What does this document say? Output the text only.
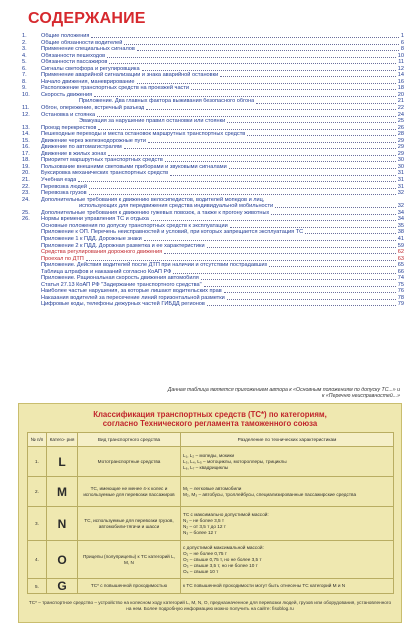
СОДЕРЖАНИЕ
1.	Общие положения	1
2.	Общие обязанности водителей	6
3.	Применение специальных сигналов	8
4.	Обязанности пешеходов	10
5.	Обязанности пассажиров	11
6.	Сигналы светофора и регулировщика	12
7.	Применение аварийной сигнализации и знака аварийной остановки	14
8.	Начало движения, маневрирование	16
9.	Расположение транспортных средств на проезжей части	18
10.	Скорость движения	20
Приложение. Два главных фактора выживания безопасного обгона	21
11.	Обгон, опережение, встречный разъезд	22
12.	Остановка и стоянка	24
Эвакуация за нарушение правил остановки или стоянки	25
13.	Проезд перекрестков	26
14.	Пешеходные переходы и места остановок маршрутных транспортных средств	28
15.	Движение через железнодорожные пути	29
16.	Движение по автомагистралям	29
17.	Движение в жилых зонах	29
18.	Приоритет маршрутных транспортных средств	30
19.	Пользование внешними световыми приборами и звуковыми сигналами	30
20.	Буксировка механических транспортных средств	31
21.	Учебная езда	31
22.	Перевозка людей	31
23.	Перевозка грузов	32
24.	Дополнительные требования к движению велосипедистов, водителей мопедов и лиц,
использующих для передвижения средства индивидуальной мобильности	32
25.	Дополнительные требования к движению гужевых повозок, а также к прогону животных	34
26.	Нормы времени управления ТС и отдыха	34
Основные положения по допуску транспортных средств к эксплуатации	35
Приложение к ОП. Перечень неисправностей и условий, при которых запрещается эксплуатация ТС	38
Приложение 1 к ПДД. Дорожные знаки	41
Приложение 2 к ПДД. Дорожная разметка и ее характеристики	59
Средства регулирования дорожного движения	62
Проехал по ДТП	63
Приложение. Действия водителей после ДТП при наличии и отсутствии пострадавших	65
Таблица штрафов и наказаний согласно КоАП РФ	66
Приложение. Рациональная скорость движения автомобиля	74
Статья 27.13 КоАП РФ "Задержание транспортного средства"	75
Наиболее частые нарушения, за которые лишают водительских прав	76
Наказания водителей за пересечение линий горизонтальной разметки	78
Цифровые коды, телефоны дежурных частей ГИБДД регионов	79
Данная таблица является приложением автора к «Основным положениям по допуску ТС...» и к «Перечню неисправностей...»
Классификация транспортных средств (ТС*) по категориям,
согласно Технического регламента таможенного союза
№ п/п	Катего- рия	Вид транспортного средства	Разделение по технических характеристикам
1.	L	Мототранспортные средства	L₁, L₂ – мопеды, мокики
L₃, L₄, L₅ – мотоциклы, мотороллеры, трициклы
L₆, L₇ – квадрициклы

2.	M	ТС, имеющие не менее 4-х колес и используемые для перевозки пассажиров	M₁ – легковые автомобили
M₂, M₃ – автобусы, троллейбусы, специализированные пассажирские средства

3.	N	ТС, используемые для перевозки грузов, автомобили-тягачи и шасси	ТС с максимально допустимой массой:
N₁ – не более 3,5 т
N₂ – от 3,5 т до 12 т
N₃ – более 12 т

4.	O	Прицепы (полуприцепы) к ТС категорий L, M, N	с допустимой максимальной массой:
O₁ – не более 0,75 т
O₂ – свыше 0,75 т, но не более 3,5 т
O₃ – свыше 3,5 т, но не более 10 т
O₄ – свыше 10 т

5.	G	ТС* с повышенной проходимостью	к ТС повышенной проходимости могут быть отнесены ТС категорий M и N
ТС* – транспортное средство – устройство на колесном ходу категорий L, M, N, O, предназначенное для перевозки людей, грузов или оборудования, установленного на нем. Более подробную информацию можно получить на сайте: fisoblog.ru
